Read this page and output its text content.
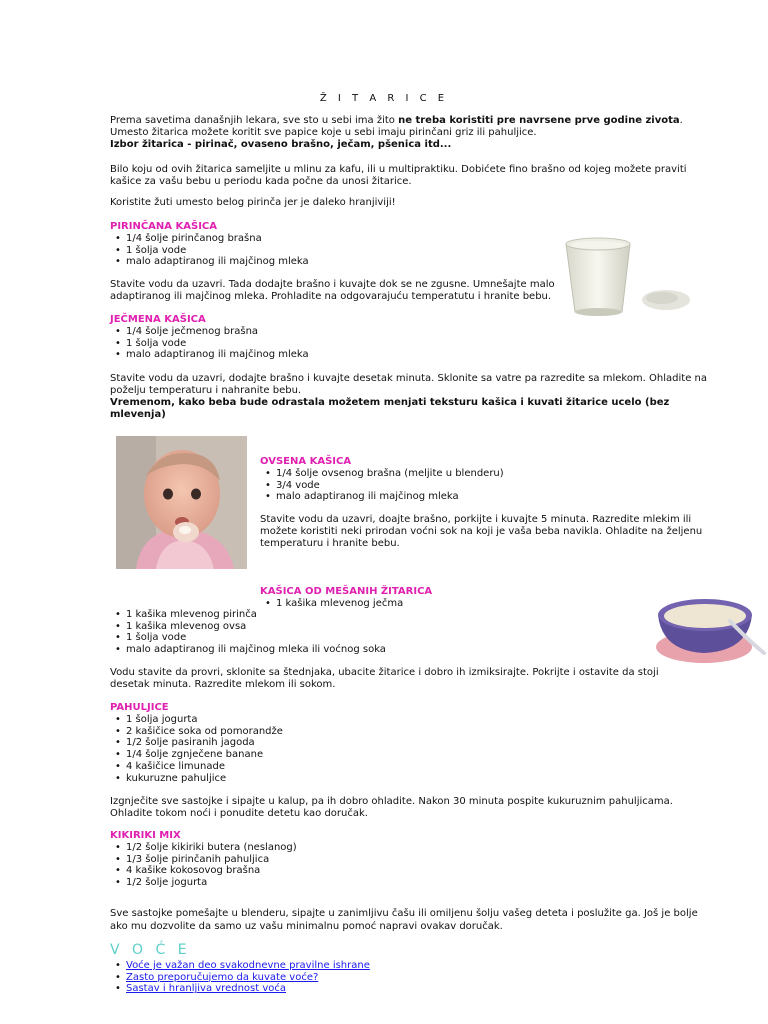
Ž I T A R I C E

Prema savetima današnjih lekara, sve sto u sebi ima žito ne treba koristiti pre navrsene prve godine zivota.

Umesto žitarica možete koritit sve papice koje u sebi imaju pirinčani griz ili pahuljice.

Izbor žitarica - pirinač, ovaseno brašno, ječam, pšenica itd...

Bilo koju od ovih žitarica sameljite u mlinu za kafu, ili u multipraktiku. Dobićete fino brašno od kojeg možete praviti

kašice za vašu bebu u periodu kada počne da unosi žitarice.

Koristite žuti umesto belog pirinča jer je daleko hranjiviji!

PIRINČANA KAŠICA
• 1/4 šolje pirinčanog brašna
• 1 šolja vode
• malo adaptiranog ili majčinog mleka

Stavite vodu da uzavri. Tada dodajte brašno i kuvajte dok se ne zgusne. Umnešajte malo

adaptiranog ili majčinog mleka. Prohladite na odgovarajuću temperatutu i hranite bebu.

JEČMENA KAŠICA
• 1/4 šolje ječmenog brašna
• 1 šolja vode
• malo adaptiranog ili majčinog mleka

Stavite vodu da uzavri, dodajte brašno i kuvajte desetak minuta. Sklonite sa vatre pa razredite sa mlekom. Ohladite na

poželju temperaturu i nahranite bebu.

Vremenom, kako beba bude odrastala možetem menjati teksturu kašica i kuvati žitarice ucelo (bez

mlevenja)

OVSENA KAŠICA
• 1/4 šolje ovsenog brašna (meljite u blenderu)
• 3/4 vode
• malo adaptiranog ili majčinog mleka

Stavite vodu da uzavri, doajte brašno, porkijte i kuvajte 5 minuta. Razredite mlekim ili

možete koristiti neki prirodan voćni sok na koji je vaša beba navikla. Ohladite na željenu

temperaturu i hranite bebu.

KAŠICA OD MEŠANIH ŽITARICA
• 1 kašika mlevenog ječma
• 1 kašika mlevenog pirinča
• 1 kašika mlevenog ovsa
• 1 šolja vode
• malo adaptiranog ili majčinog mleka ili voćnog soka

Vodu stavite da provri, sklonite sa štednjaka, ubacite žitarice i dobro ih izmiksirajte. Pokrijte i ostavite da stoji

desetak minuta. Razredite mlekom ili sokom.

PAHULJICE
• 1 šolja jogurta
• 2 kašičice soka od pomorandže
• 1/2 šolje pasiranih jagoda
• 1/4 šolje zgnječene banane
• 4 kašičice limunade
• kukuruzne pahuljice

Izgnječite sve sastojke i sipajte u kalup, pa ih dobro ohladite. Nakon 30 minuta pospite kukuruznim pahuljicama.

Ohladite tokom noći i ponudite detetu kao doručak.

KIKIRIKI MIX
• 1/2 šolje kikiriki butera (neslanog)
• 1/3 šolje pirinčanih pahuljica
• 4 kašike kokosovog brašna
• 1/2 šolje jogurta

Sve sastojke pomešajte u blenderu, sipajte u zanimljivu čašu ili omiljenu šolju vašeg deteta i poslužite ga. Još je bolje

ako mu dozvolite da samo uz vašu minimalnu pomoć napravi ovakav doručak.

V O Ć E
• Voće je važan deo svakodnevne pravilne ishrane
• Zasto preporučujemo da kuvate voće?
• Sastav i hranljiva vrednost voća
